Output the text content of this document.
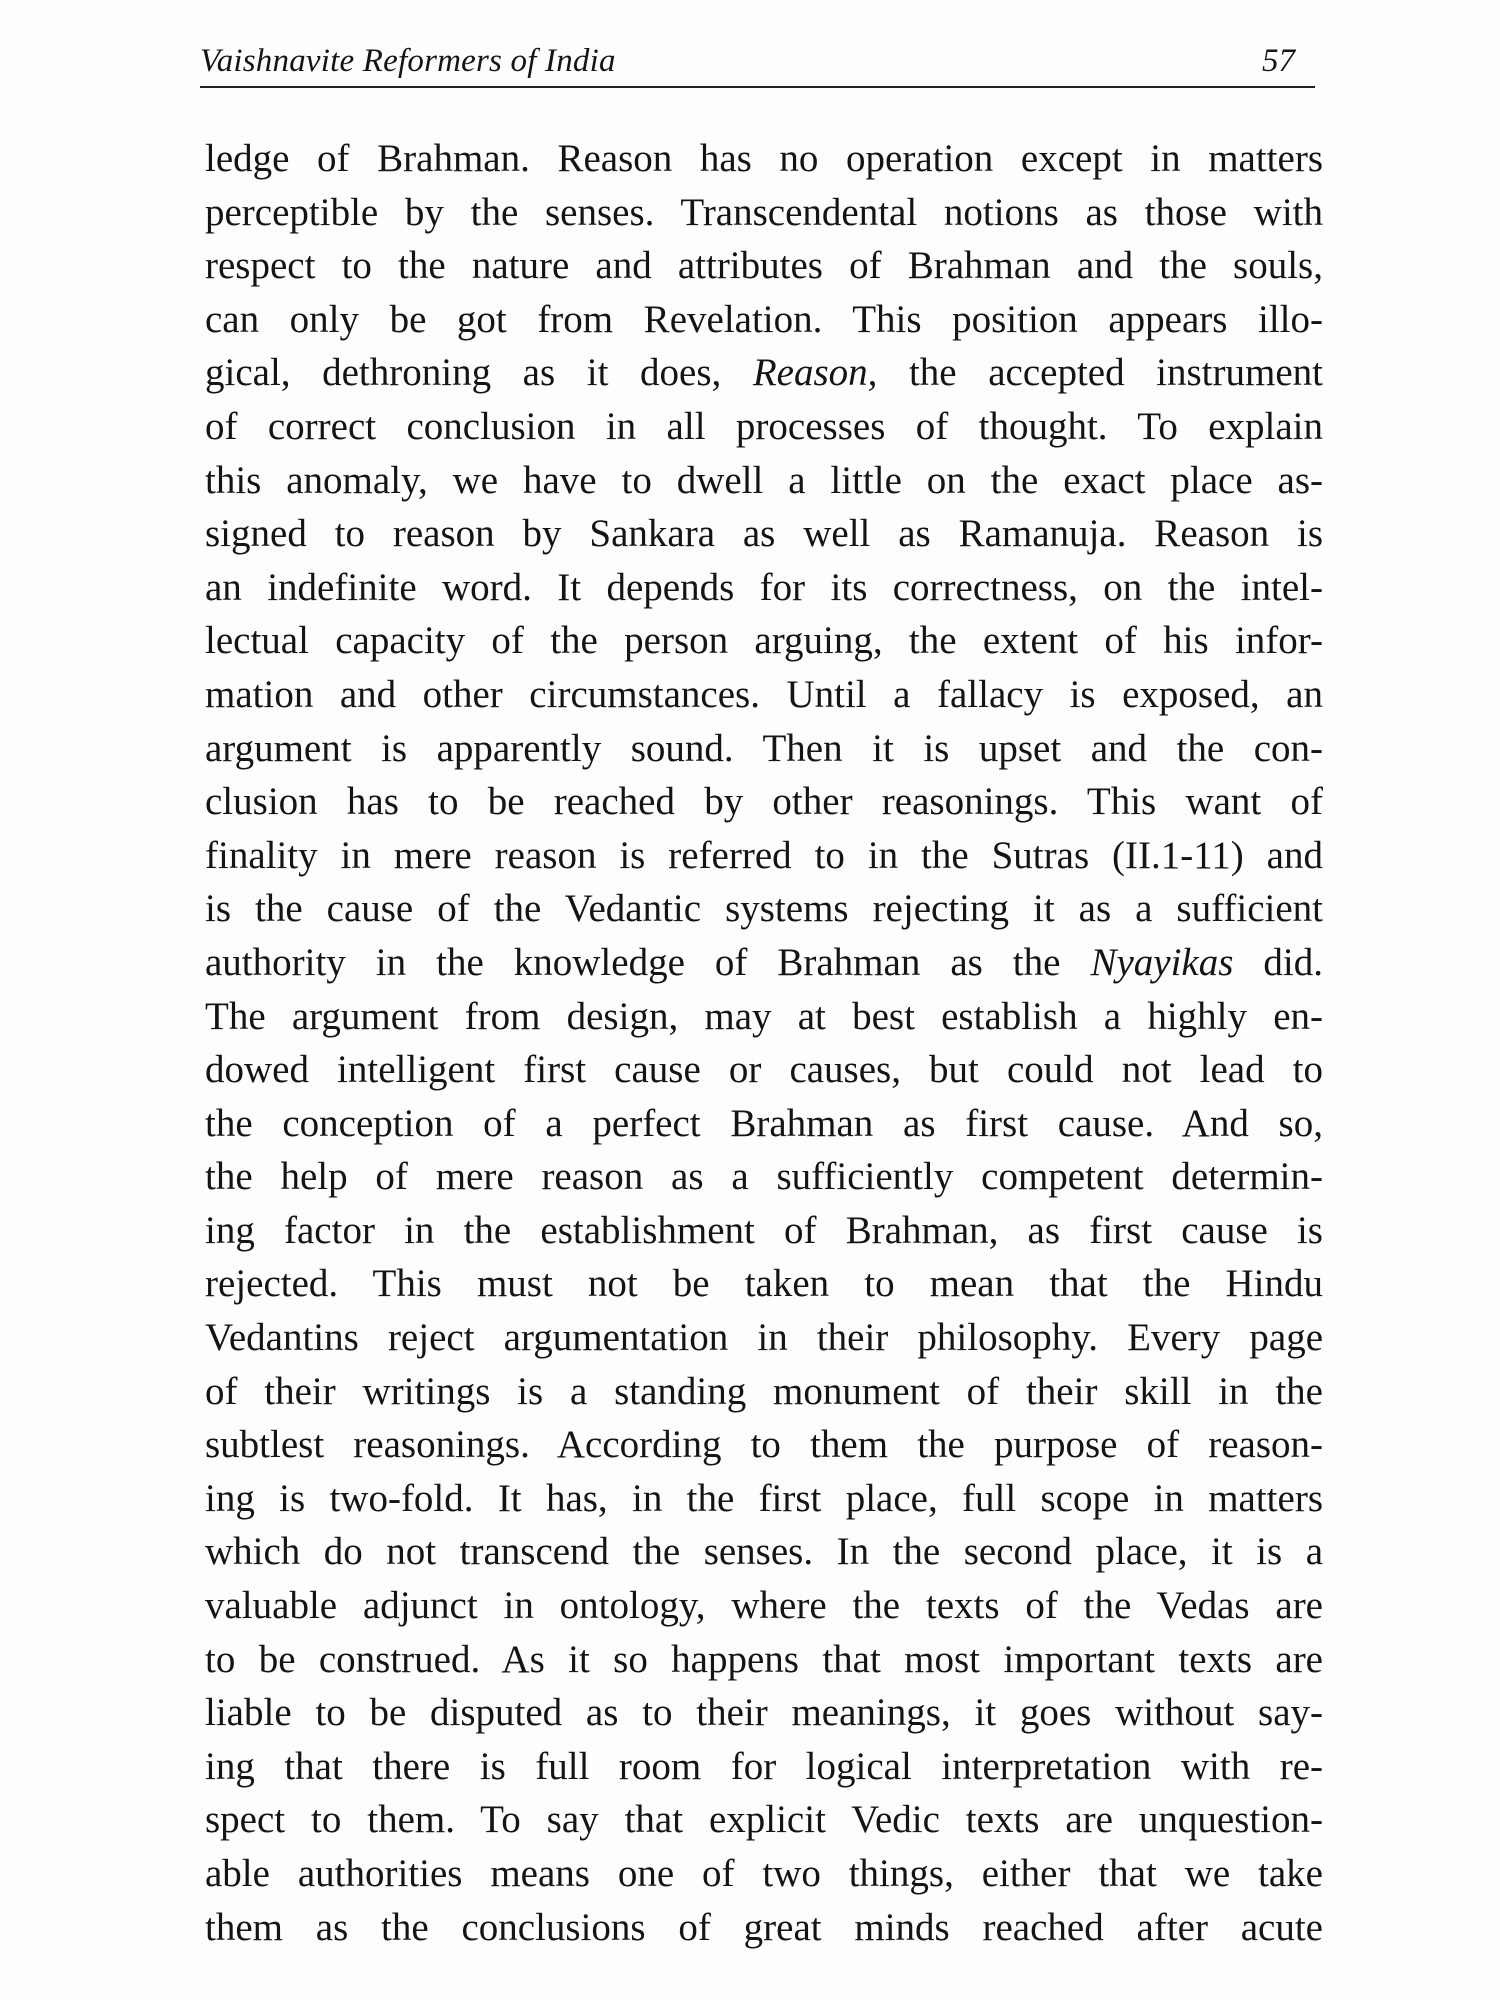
Vaishnavite Reformers of India	57
ledge of Brahman. Reason has no operation except in matters
perceptible by the senses. Transcendental notions as those with
respect to the nature and attributes of Brahman and the souls,
can only be got from Revelation. This position appears illo-
gical, dethroning as it does, Reason, the accepted instrument
of correct conclusion in all processes of thought. To explain
this anomaly, we have to dwell a little on the exact place as-
signed to reason by Sankara as well as Ramanuja. Reason is
an indefinite word. It depends for its correctness, on the intel-
lectual capacity of the person arguing, the extent of his infor-
mation and other circumstances. Until a fallacy is exposed, an
argument is apparently sound. Then it is upset and the con-
clusion has to be reached by other reasonings. This want of
finality in mere reason is referred to in the Sutras (II.1-11) and
is the cause of the Vedantic systems rejecting it as a sufficient
authority in the knowledge of Brahman as the Nyayikas did.
The argument from design, may at best establish a highly en-
dowed intelligent first cause or causes, but could not lead to
the conception of a perfect Brahman as first cause. And so,
the help of mere reason as a sufficiently competent determin-
ing factor in the establishment of Brahman, as first cause is
rejected. This must not be taken to mean that the Hindu
Vedantins reject argumentation in their philosophy. Every page
of their writings is a standing monument of their skill in the
subtlest reasonings. According to them the purpose of reason-
ing is two-fold. It has, in the first place, full scope in matters
which do not transcend the senses. In the second place, it is a
valuable adjunct in ontology, where the texts of the Vedas are
to be construed. As it so happens that most important texts are
liable to be disputed as to their meanings, it goes without say-
ing that there is full room for logical interpretation with re-
spect to them. To say that explicit Vedic texts are unquestion-
able authorities means one of two things, either that we take
them as the conclusions of great minds reached after acute
